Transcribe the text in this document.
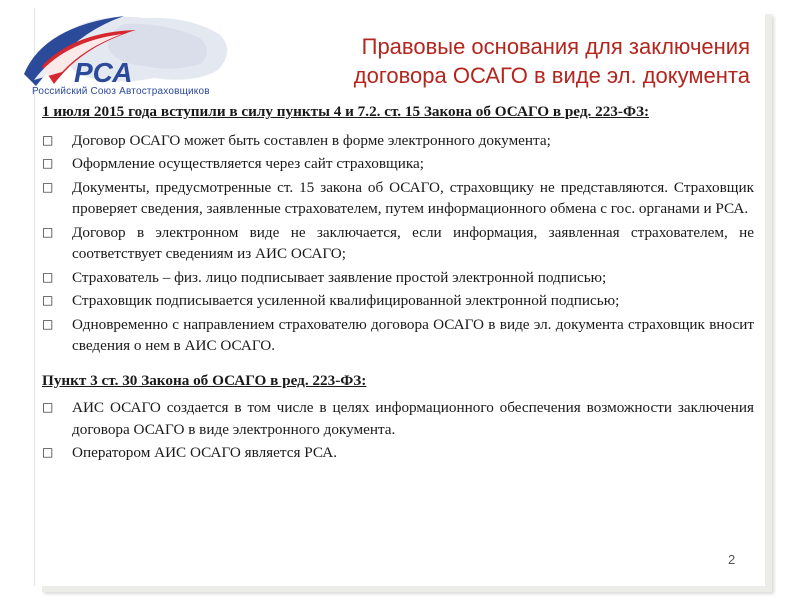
РСА
Российский Союз Автостраховщиков
Правовые основания для заключения
договора ОСАГО в виде эл. документа
1 июля 2015 года вступили в силу пункты 4 и 7.2. ст. 15 Закона об ОСАГО в ред. 223-ФЗ:
□ Договор ОСАГО может быть составлен в форме электронного документа;
□ Оформление осуществляется через сайт страховщика;
□ Документы, предусмотренные ст. 15 закона об ОСАГО, страховщику не представляются. Страховщик проверяет сведения, заявленные страхователем, путем информационного обмена с гос. органами и РСА.
□ Договор в электронном виде не заключается, если информация, заявленная страхователем, не соответствует сведениям из АИС ОСАГО;
□ Страхователь – физ. лицо подписывает заявление простой электронной подписью;
□ Страховщик подписывается усиленной квалифицированной электронной подписью;
□ Одновременно с направлением страхователю договора ОСАГО в виде эл. документа страховщик вносит сведения о нем в АИС ОСАГО.
Пункт 3 ст. 30 Закона об ОСАГО в ред. 223-ФЗ:
□ АИС ОСАГО создается в том числе в целях информационного обеспечения возможности заключения договора ОСАГО в виде электронного документа.
□ Оператором АИС ОСАГО является РСА.
2
